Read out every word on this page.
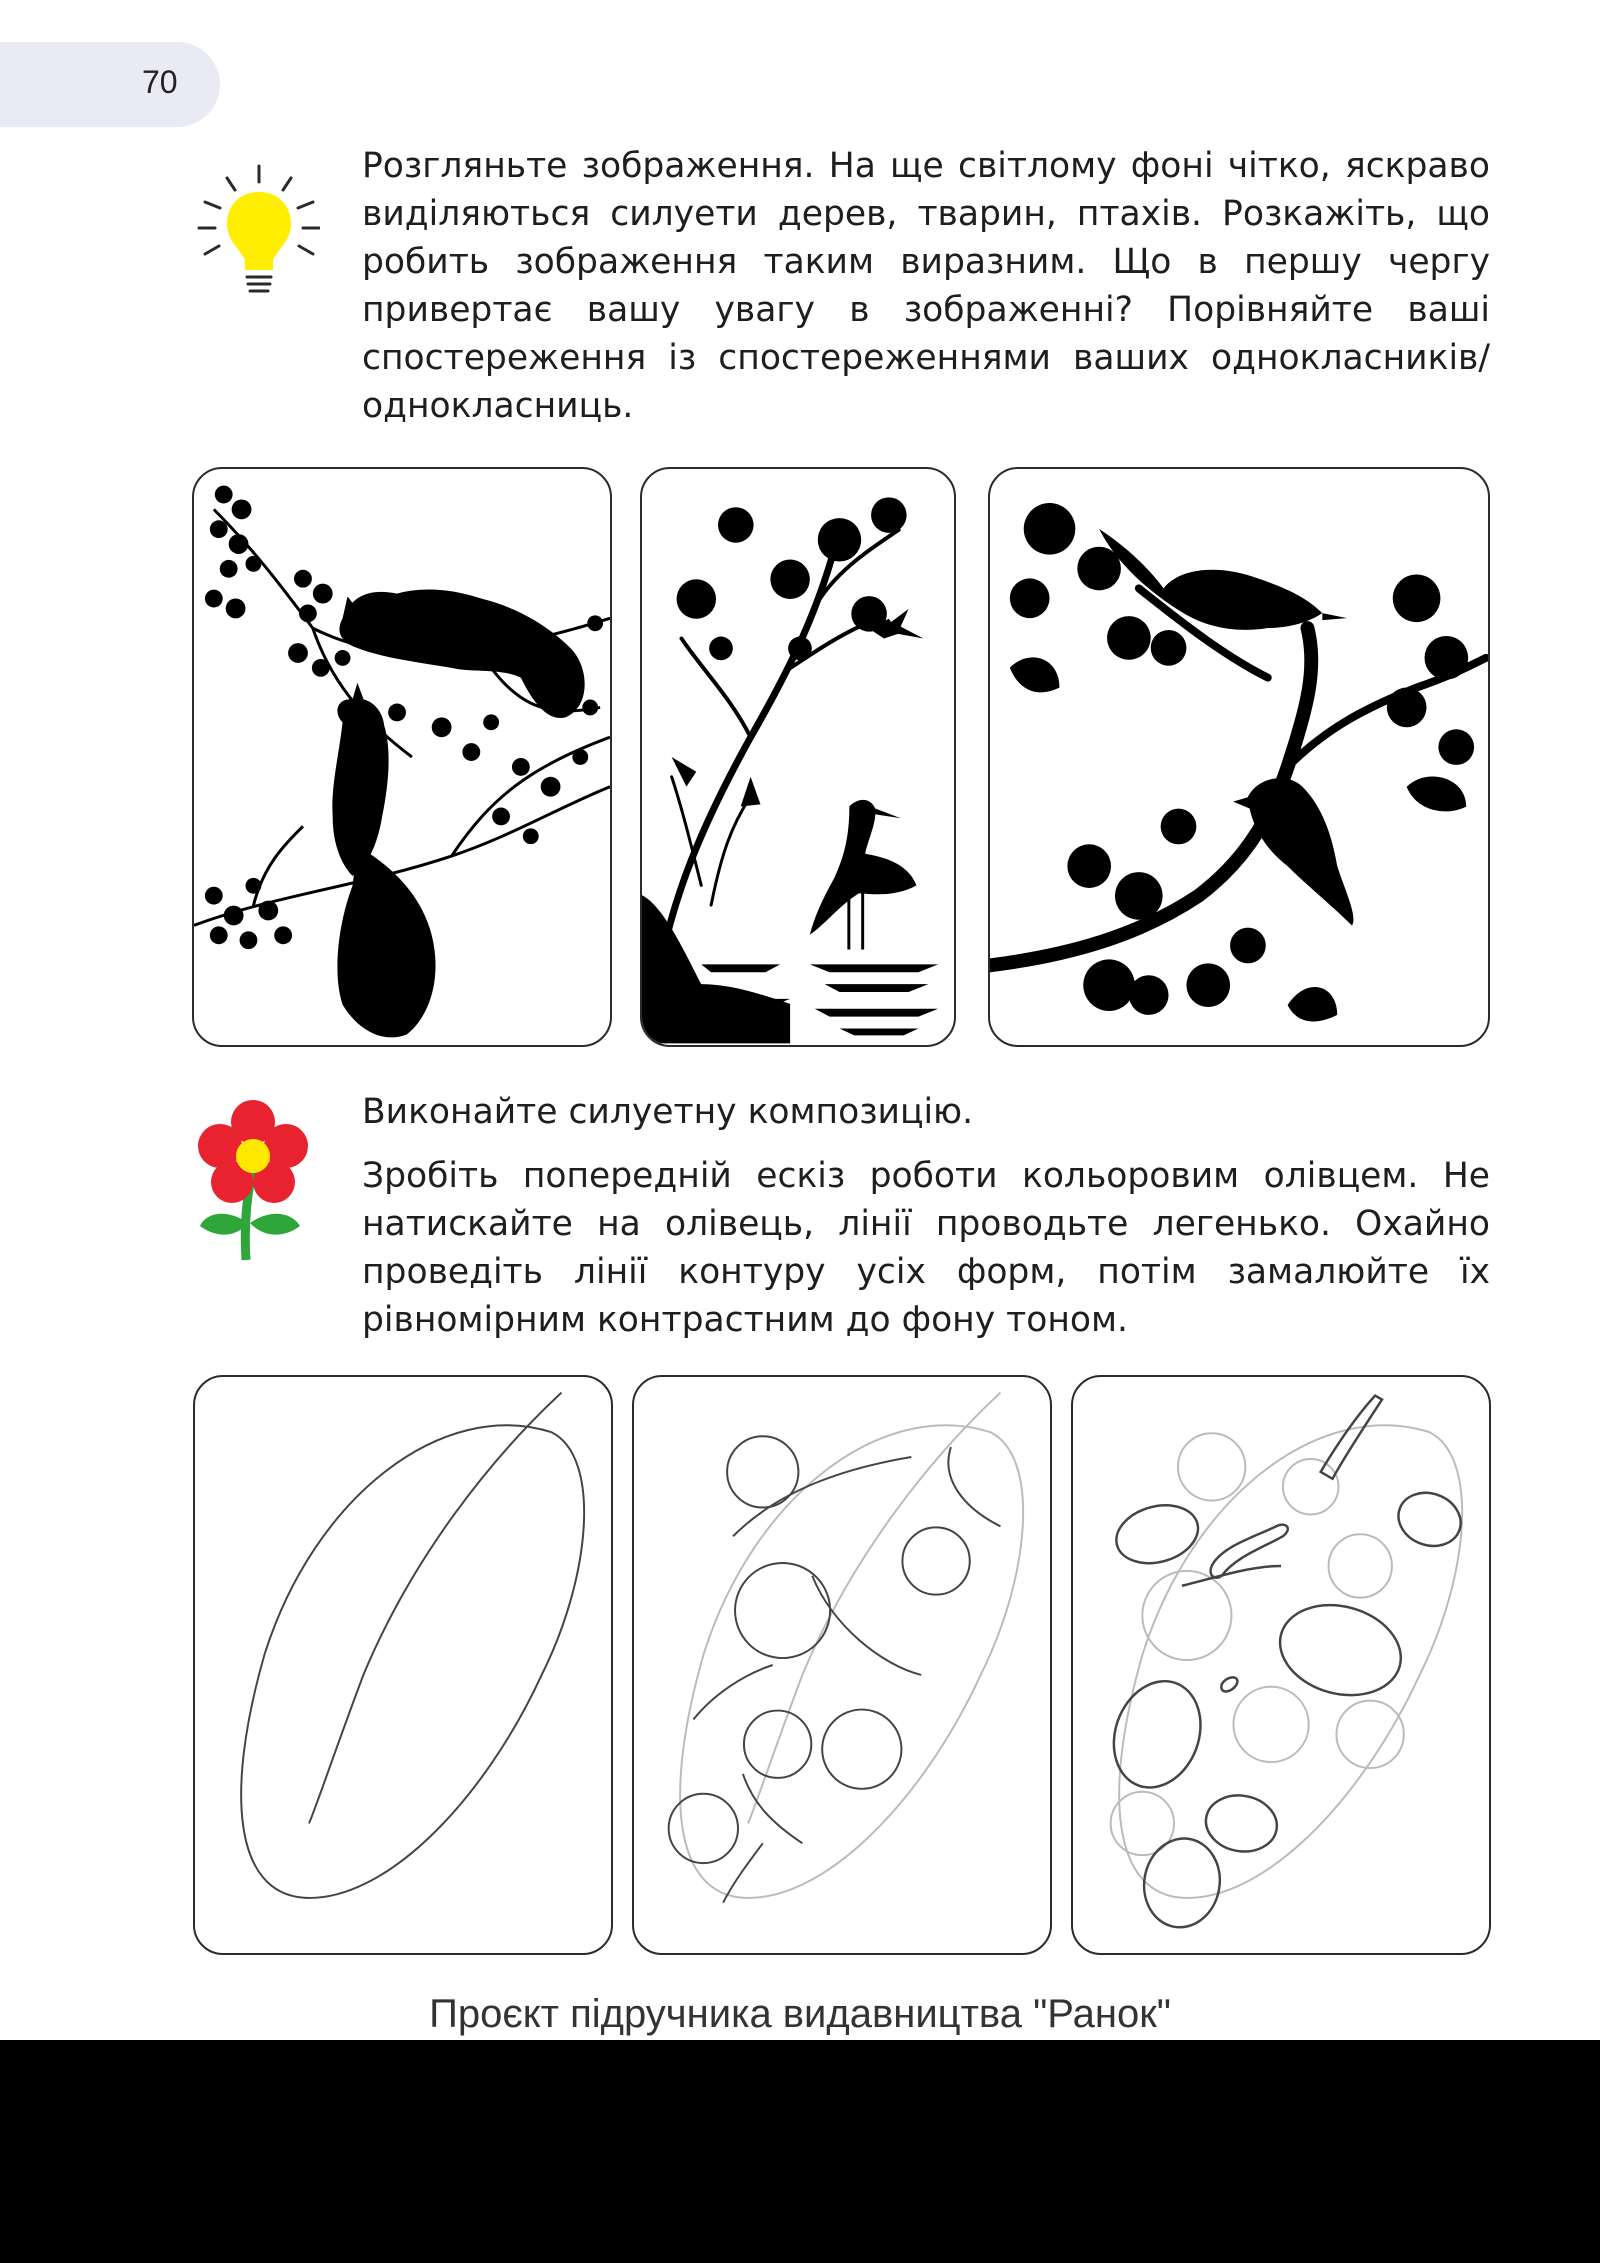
70

Розгляньте зображення. На ще світлому фоні чітко, яскраво виділяються силуети дерев, тварин, птахів. Розкажіть, що робить зображення таким виразним. Що в першу чергу привертає вашу увагу в зображенні? Порівняйте ваші спостереження із спостереженнями ваших однокласників/однокласниць.

Виконайте силуетну композицію.

Зробіть попередній ескіз роботи кольоровим олівцем. Не натискайте на олівець, лінії проводьте легенько. Охайно проведіть лінії контуру усіх форм, потім замалюйте їх рівномірним контрастним до фону тоном.

Проєкт підручника видавництва "Ранок"
